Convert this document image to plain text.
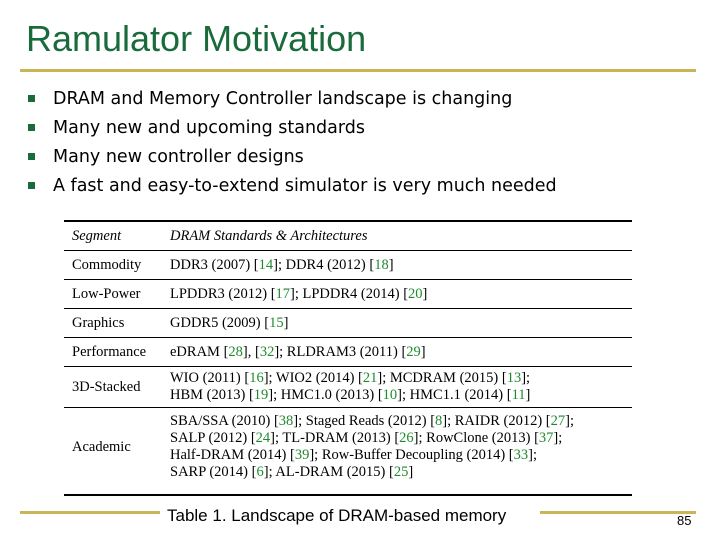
Ramulator Motivation
DRAM and Memory Controller landscape is changing
Many new and upcoming standards
Many new controller designs
A fast and easy-to-extend simulator is very much needed
Segment	DRAM Standards & Architectures
Commodity	DDR3 (2007) [14]; DDR4 (2012) [18]

Low-Power	LPDDR3 (2012) [17]; LPDDR4 (2014) [20]

Graphics	GDDR5 (2009) [15]

Performance	eDRAM [28], [32]; RLDRAM3 (2011) [29]

3D-Stacked	WIO (2011) [16]; WIO2 (2014) [21]; MCDRAM (2015) [13];
HBM (2013) [19]; HMC1.0 (2013) [10]; HMC1.1 (2014) [11]

Academic	SBA/SSA (2010) [38]; Staged Reads (2012) [8]; RAIDR (2012) [27];
SALP (2012) [24]; TL-DRAM (2013) [26]; RowClone (2013) [37];
Half-DRAM (2014) [39]; Row-Buffer Decoupling (2014) [33];
SARP (2014) [6]; AL-DRAM (2015) [25]
Table 1. Landscape of DRAM-based memory	85
